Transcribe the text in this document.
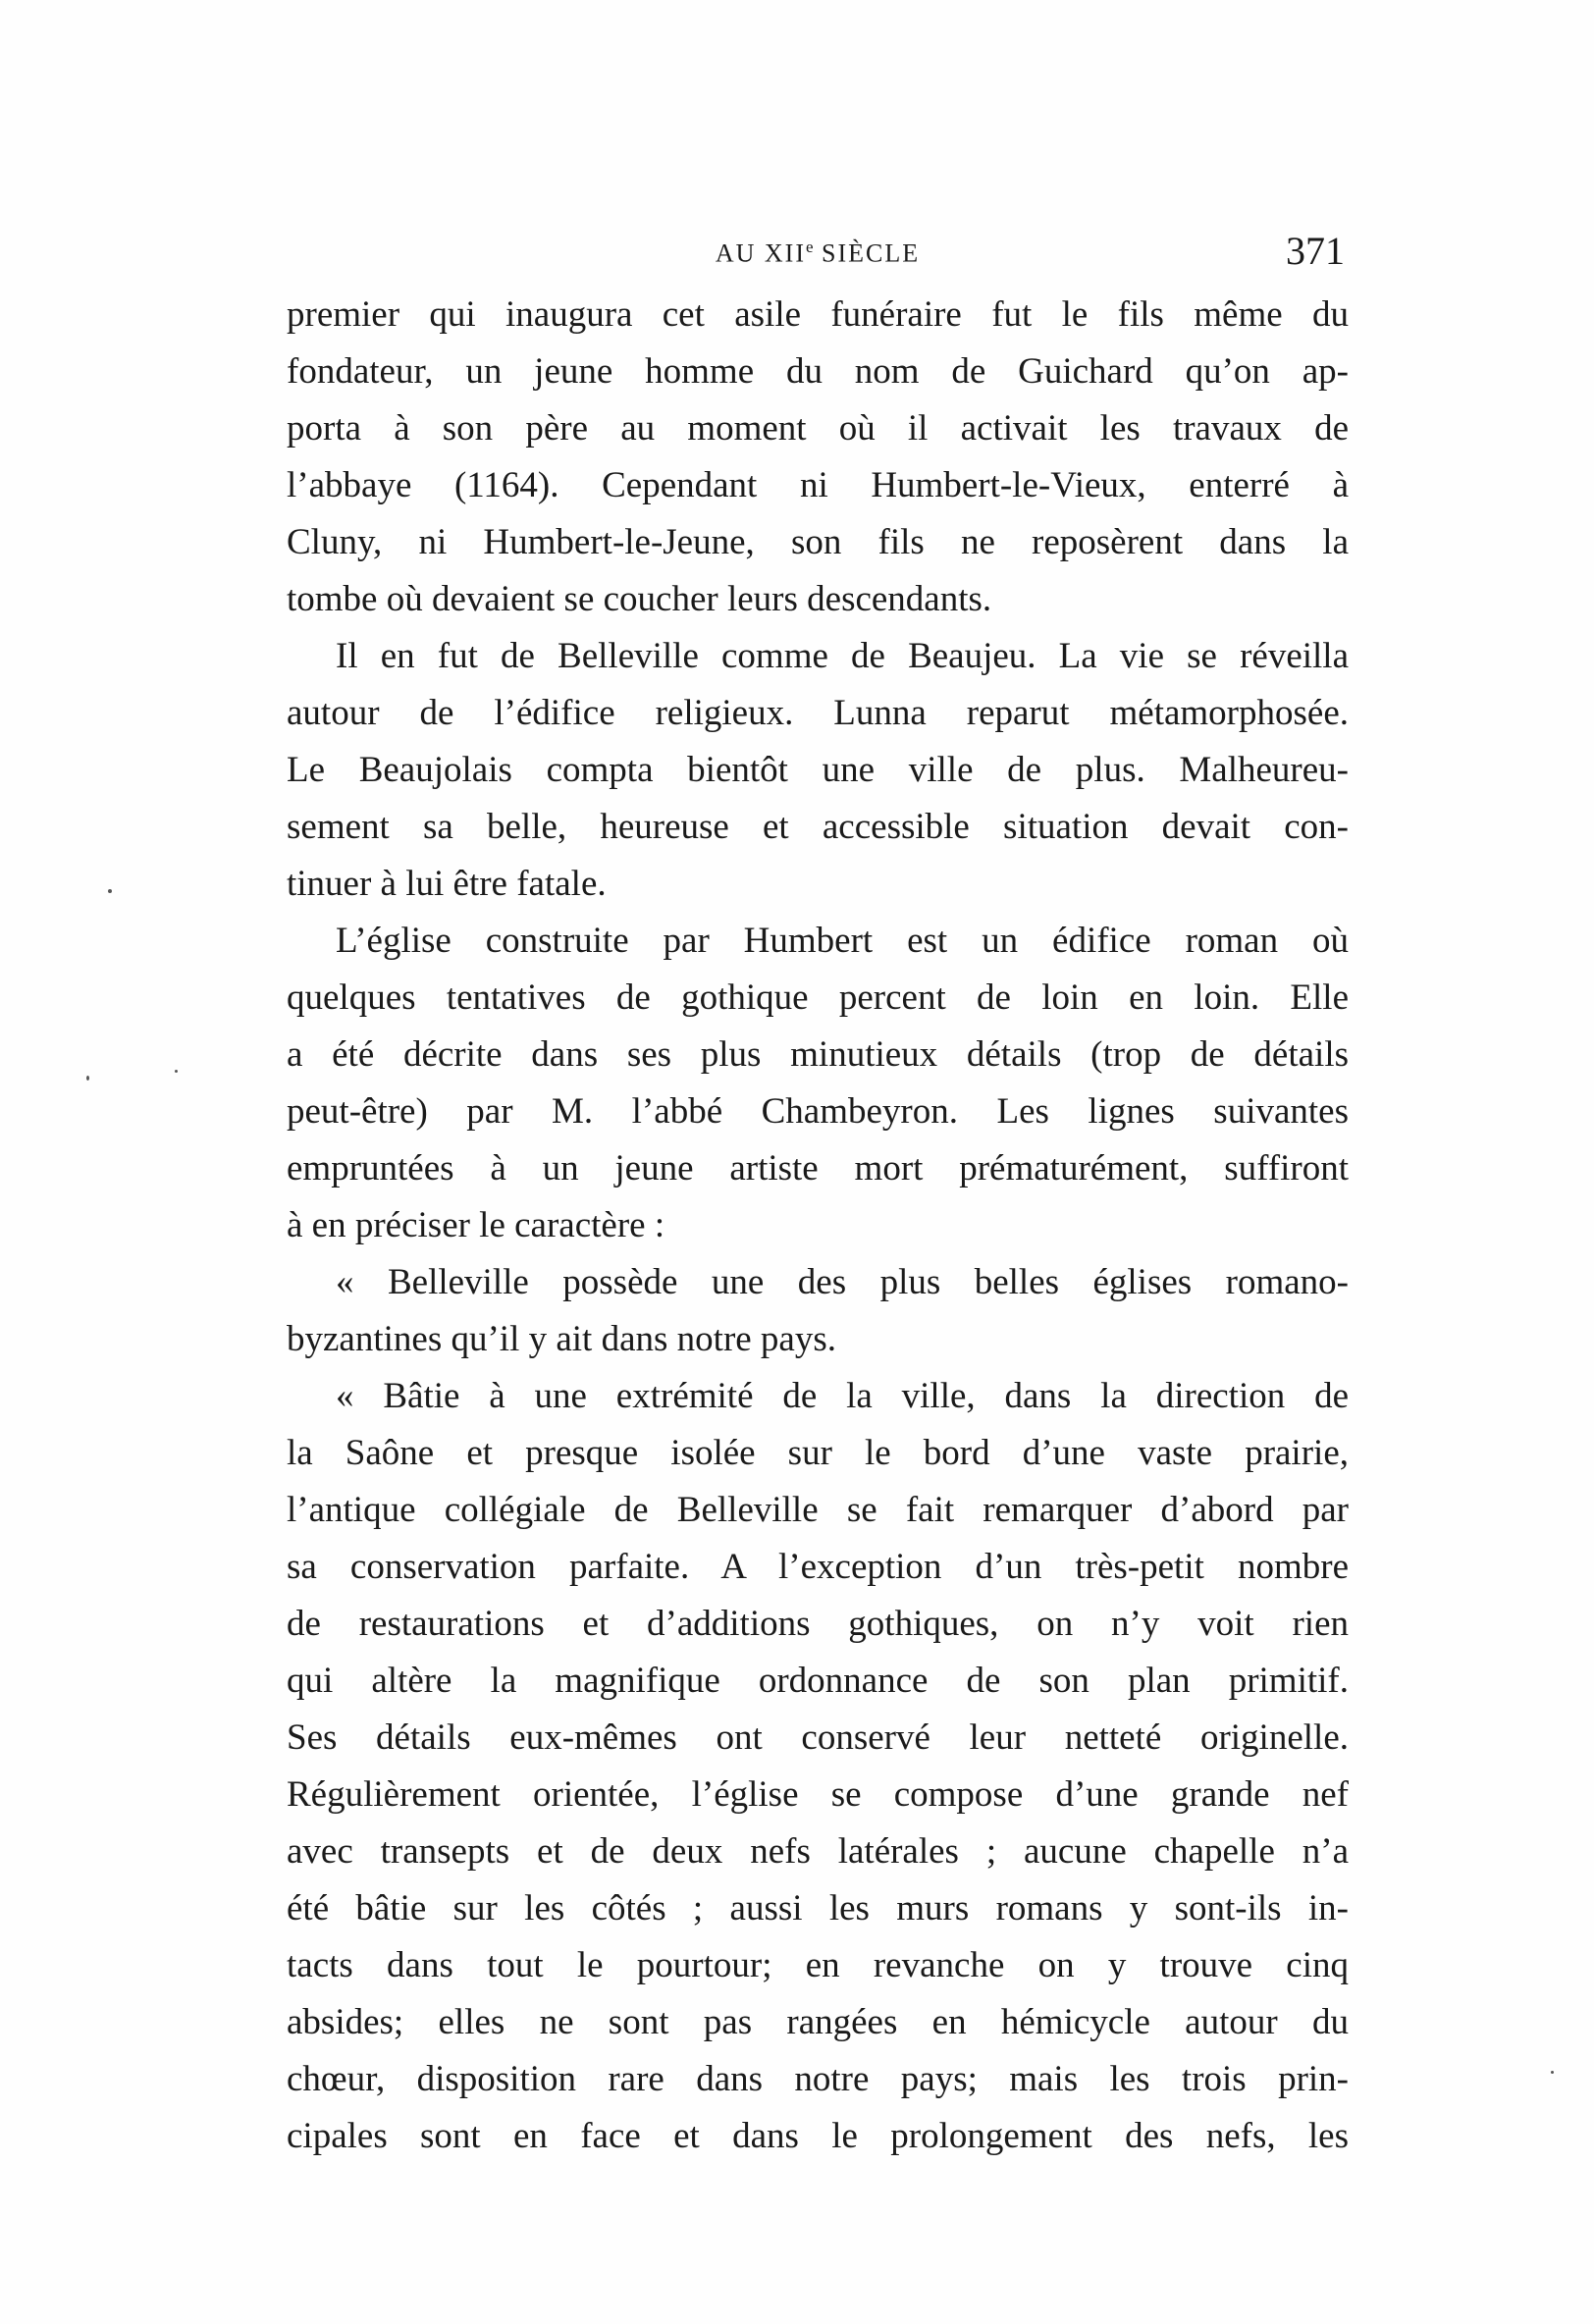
AU XIIe SIÈCLE	371
premier qui inaugura cet asile funéraire fut le fils même du
fondateur, un jeune homme du nom de Guichard qu’on ap-
porta à son père au moment où il activait les travaux de
l’abbaye (1164). Cependant ni Humbert-le-Vieux, enterré à
Cluny, ni Humbert-le-Jeune, son fils ne reposèrent dans la
tombe où devaient se coucher leurs descendants.
Il en fut de Belleville comme de Beaujeu. La vie se réveilla
autour de l’édifice religieux. Lunna reparut métamorphosée.
Le Beaujolais compta bientôt une ville de plus. Malheureu-
sement sa belle, heureuse et accessible situation devait con-
tinuer à lui être fatale.
L’église construite par Humbert est un édifice roman où
quelques tentatives de gothique percent de loin en loin. Elle
a été décrite dans ses plus minutieux détails (trop de détails
peut-être) par M. l’abbé Chambeyron. Les lignes suivantes
empruntées à un jeune artiste mort prématurément, suffiront
à en préciser le caractère :
« Belleville possède une des plus belles églises romano-
byzantines qu’il y ait dans notre pays.
« Bâtie à une extrémité de la ville, dans la direction de
la Saône et presque isolée sur le bord d’une vaste prairie,
l’antique collégiale de Belleville se fait remarquer d’abord par
sa conservation parfaite. A l’exception d’un très-petit nombre
de restaurations et d’additions gothiques, on n’y voit rien
qui altère la magnifique ordonnance de son plan primitif.
Ses détails eux-mêmes ont conservé leur netteté originelle.
Régulièrement orientée, l’église se compose d’une grande nef
avec transepts et de deux nefs latérales ; aucune chapelle n’a
été bâtie sur les côtés ; aussi les murs romans y sont-ils in-
tacts dans tout le pourtour; en revanche on y trouve cinq
absides; elles ne sont pas rangées en hémicycle autour du
chœur, disposition rare dans notre pays; mais les trois prin-
cipales sont en face et dans le prolongement des nefs, les
